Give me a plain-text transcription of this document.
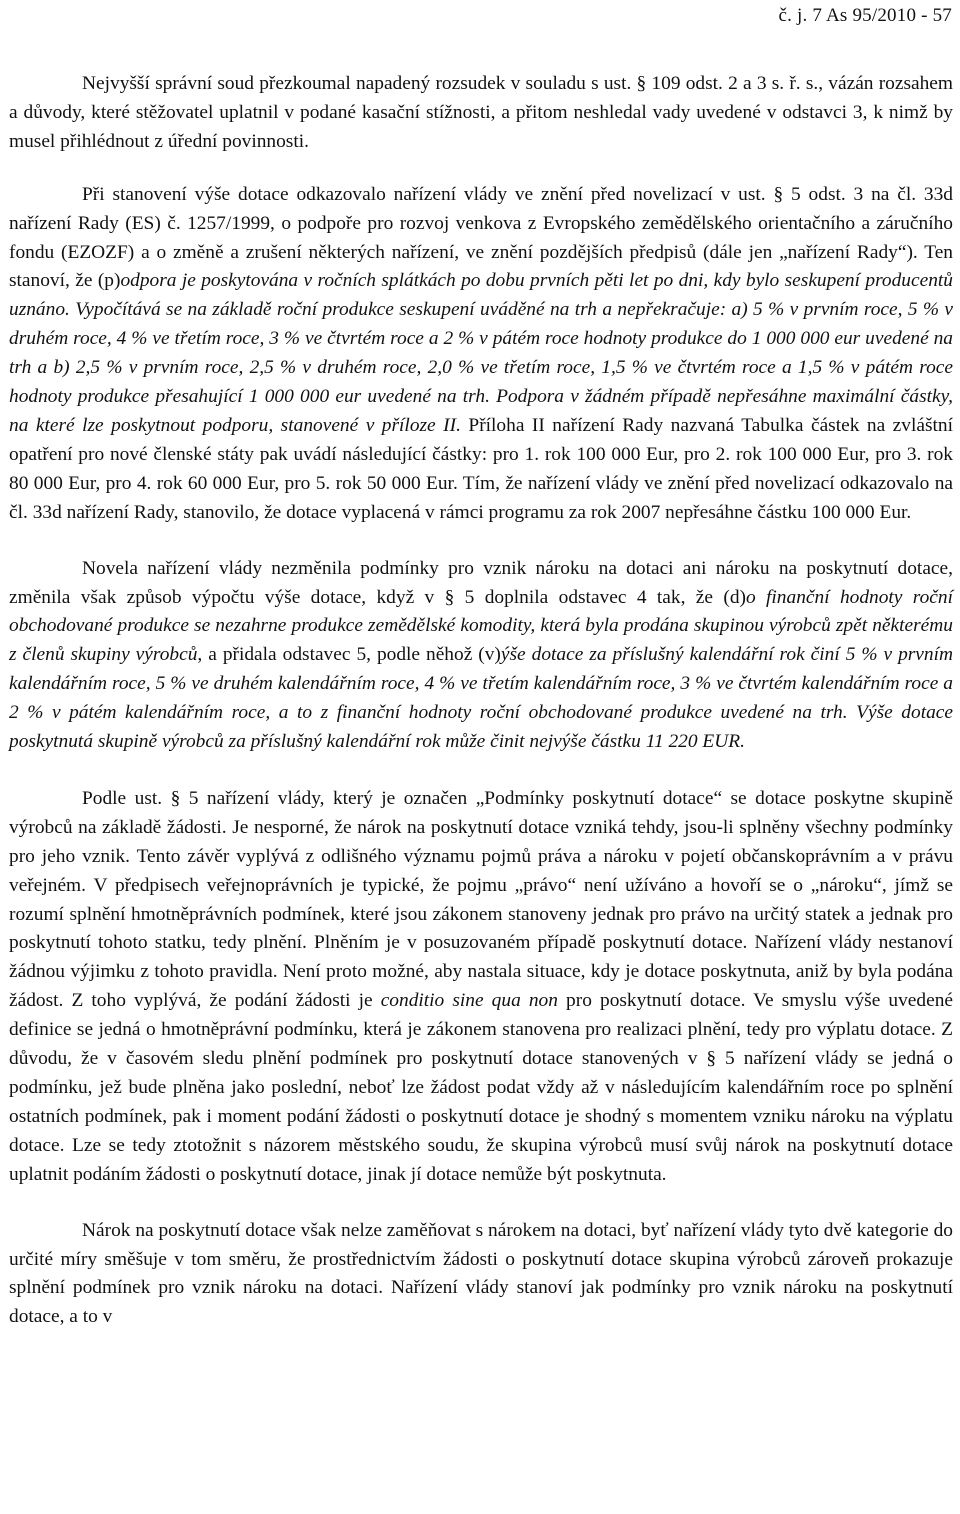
č. j. 7 As 95/2010 - 57

Nejvyšší správní soud přezkoumal napadený rozsudek v souladu s ust. § 109 odst. 2 a 3 s. ř. s., vázán rozsahem a důvody, které stěžovatel uplatnil v podané kasační stížnosti, a přitom neshledal vady uvedené v odstavci 3, k nimž by musel přihlédnout z úřední povinnosti.

Při stanovení výše dotace odkazovalo nařízení vlády ve znění před novelizací v ust. § 5 odst. 3 na čl. 33d nařízení Rady (ES) č. 1257/1999, o podpoře pro rozvoj venkova z Evropského zemědělského orientačního a záručního fondu (EZOZF) a o změně a zrušení některých nařízení, ve znění pozdějších předpisů (dále jen „nařízení Rady“). Ten stanoví, že (p)odpora je poskytována v ročních splátkách po dobu prvních pěti let po dni, kdy bylo seskupení producentů uznáno. Vypočítává se na základě roční produkce seskupení uváděné na trh a nepřekračuje: a) 5 % v prvním roce, 5 % v druhém roce, 4 % ve třetím roce, 3 % ve čtvrtém roce a 2 % v pátém roce hodnoty produkce do 1 000 000 eur uvedené na trh a b) 2,5 % v prvním roce, 2,5 % v druhém roce, 2,0 % ve třetím roce, 1,5 % ve čtvrtém roce a 1,5 % v pátém roce hodnoty produkce přesahující 1 000 000 eur uvedené na trh. Podpora v žádném případě nepřesáhne maximální částky, na které lze poskytnout podporu, stanovené v příloze II. Příloha II nařízení Rady nazvaná Tabulka částek na zvláštní opatření pro nové členské státy pak uvádí následující částky: pro 1. rok 100 000 Eur, pro 2. rok 100 000 Eur, pro 3. rok 80 000 Eur, pro 4. rok 60 000 Eur, pro 5. rok 50 000 Eur. Tím, že nařízení vlády ve znění před novelizací odkazovalo na čl. 33d nařízení Rady, stanovilo, že dotace vyplacená v rámci programu za rok 2007 nepřesáhne částku 100 000 Eur.

Novela nařízení vlády nezměnila podmínky pro vznik nároku na dotaci ani nároku na poskytnutí dotace, změnila však způsob výpočtu výše dotace, když v § 5 doplnila odstavec 4 tak, že (d)o finanční hodnoty roční obchodované produkce se nezahrne produkce zemědělské komodity, která byla prodána skupinou výrobců zpět některému z členů skupiny výrobců, a přidala odstavec 5, podle něhož (v)ýše dotace za příslušný kalendářní rok činí 5 % v prvním kalendářním roce, 5 % ve druhém kalendářním roce, 4 % ve třetím kalendářním roce, 3 % ve čtvrtém kalendářním roce a 2 % v pátém kalendářním roce, a to z finanční hodnoty roční obchodované produkce uvedené na trh. Výše dotace poskytnutá skupině výrobců za příslušný kalendářní rok může činit nejvýše částku 11 220 EUR.

Podle ust. § 5 nařízení vlády, který je označen „Podmínky poskytnutí dotace“ se dotace poskytne skupině výrobců na základě žádosti. Je nesporné, že nárok na poskytnutí dotace vzniká tehdy, jsou-li splněny všechny podmínky pro jeho vznik. Tento závěr vyplývá z odlišného významu pojmů práva a nároku v pojetí občanskoprávním a v právu veřejném. V předpisech veřejnoprávních je typické, že pojmu „právo“ není užíváno a hovoří se o „nároku“, jímž se rozumí splnění hmotněprávních podmínek, které jsou zákonem stanoveny jednak pro právo na určitý statek a jednak pro poskytnutí tohoto statku, tedy plnění. Plněním je v posuzovaném případě poskytnutí dotace. Nařízení vlády nestanoví žádnou výjimku z tohoto pravidla. Není proto možné, aby nastala situace, kdy je dotace poskytnuta, aniž by byla podána žádost. Z toho vyplývá, že podání žádosti je conditio sine qua non pro poskytnutí dotace. Ve smyslu výše uvedené definice se jedná o hmotněprávní podmínku, která je zákonem stanovena pro realizaci plnění, tedy pro výplatu dotace. Z důvodu, že v časovém sledu plnění podmínek pro poskytnutí dotace stanovených v § 5 nařízení vlády se jedná o podmínku, jež bude plněna jako poslední, neboť lze žádost podat vždy až v následujícím kalendářním roce po splnění ostatních podmínek, pak i moment podání žádosti o poskytnutí dotace je shodný s momentem vzniku nároku na výplatu dotace. Lze se tedy ztotožnit s názorem městského soudu, že skupina výrobců musí svůj nárok na poskytnutí dotace uplatnit podáním žádosti o poskytnutí dotace, jinak jí dotace nemůže být poskytnuta.

Nárok na poskytnutí dotace však nelze zaměňovat s nárokem na dotaci, byť nařízení vlády tyto dvě kategorie do určité míry směšuje v tom směru, že prostřednictvím žádosti o poskytnutí dotace skupina výrobců zároveň prokazuje splnění podmínek pro vznik nároku na dotaci. Nařízení vlády stanoví jak podmínky pro vznik nároku na poskytnutí dotace, a to v
